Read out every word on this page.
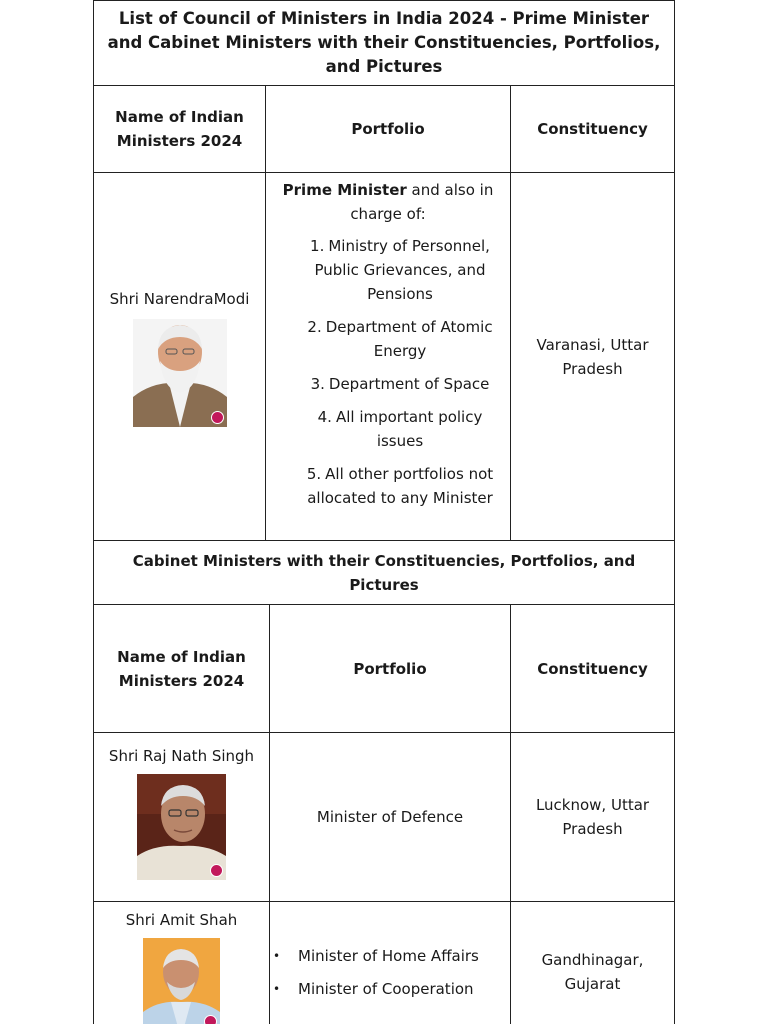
List of Council of Ministers in India 2024 - Prime Minister and Cabinet Ministers with their Constituencies, Portfolios, and Pictures
Name of Indian Ministers 2024
Portfolio	Constituency
Shri NarendraModi
Prime Minister and also in charge of:
1. Ministry of Personnel, Public Grievances, and Pensions
2. Department of Atomic Energy
3. Department of Space
4. All important policy issues
5. All other portfolios not allocated to any Minister
Varanasi, Uttar Pradesh
Cabinet Ministers with their Constituencies, Portfolios, and Pictures
Name of Indian Ministers 2024
Portfolio	Constituency
Shri Raj Nath Singh
Minister of Defence
Lucknow, Uttar Pradesh
Shri Amit Shah
• Minister of Home Affairs
• Minister of Cooperation
Gandhinagar, Gujarat
